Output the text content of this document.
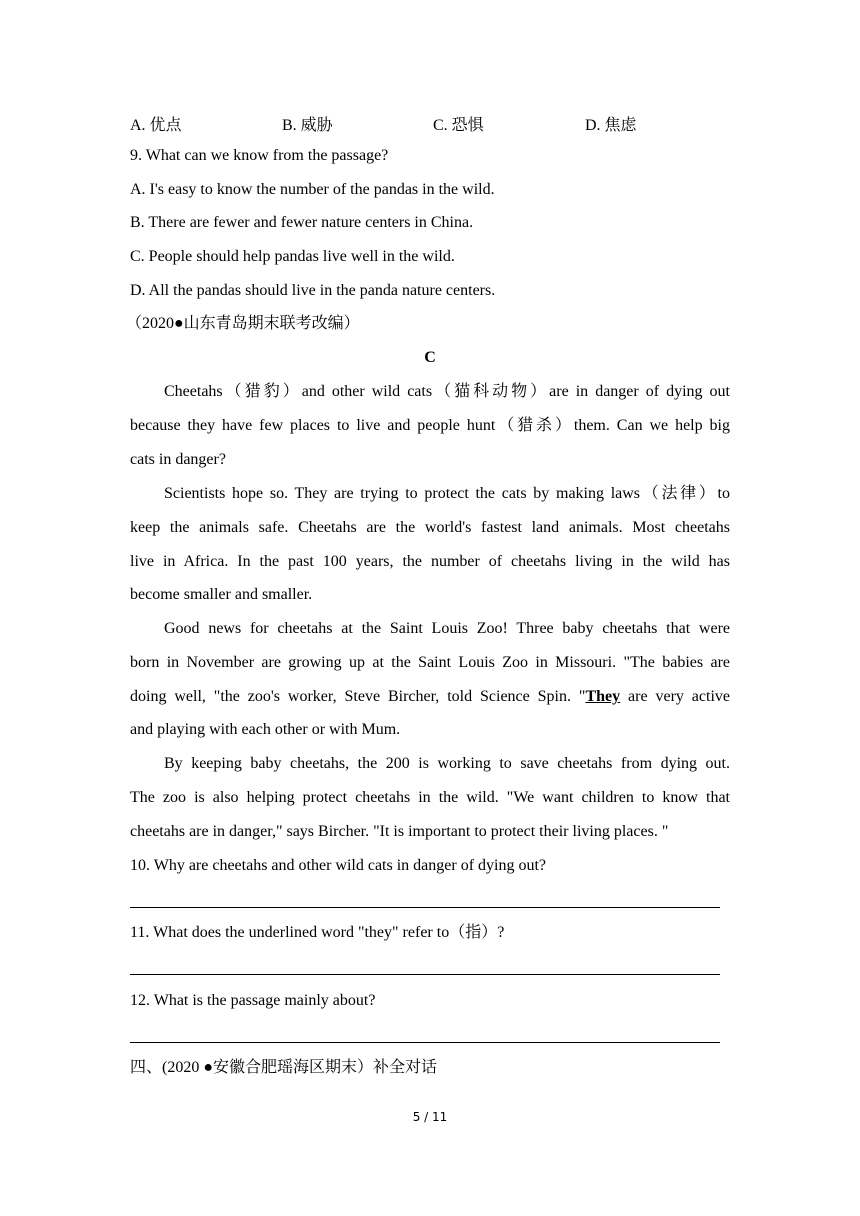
A. 优点	B. 威胁	C. 恐惧	D. 焦虑
9. What can we know from the passage?
A. I's easy to know the number of the pandas in the wild.
B. There are fewer and fewer nature centers in China.
C. People should help pandas live well in the wild.
D. All the pandas should live in the panda nature centers.
（2020●山东青岛期末联考改编）
C
Cheetahs（猎豹）and other wild cats（猫科动物）are in danger of dying out
because they have few places to live and people hunt（猎杀）them. Can we help big
cats in danger?
Scientists hope so. They are trying to protect the cats by making laws（法律）to
keep the animals safe. Cheetahs are the world's fastest land animals. Most cheetahs
live in Africa. In the past 100 years, the number of cheetahs living in the wild has
become smaller and smaller.
Good news for cheetahs at the Saint Louis Zoo! Three baby cheetahs that were
born in November are growing up at the Saint Louis Zoo in Missouri. "The babies are
doing well, "the zoo's worker, Steve Bircher, told Science Spin. "They are very active
and playing with each other or with Mum.
By keeping baby cheetahs, the 200 is working to save cheetahs from dying out.
The zoo is also helping protect cheetahs in the wild. "We want children to know that
cheetahs are in danger," says Bircher. "It is important to protect their living places. "
10. Why are cheetahs and other wild cats in danger of dying out?
11. What does the underlined word "they" refer to（指）?
12. What is the passage mainly about?
四、(2020 ●安徽合肥瑶海区期末）补全对话
5 / 11
